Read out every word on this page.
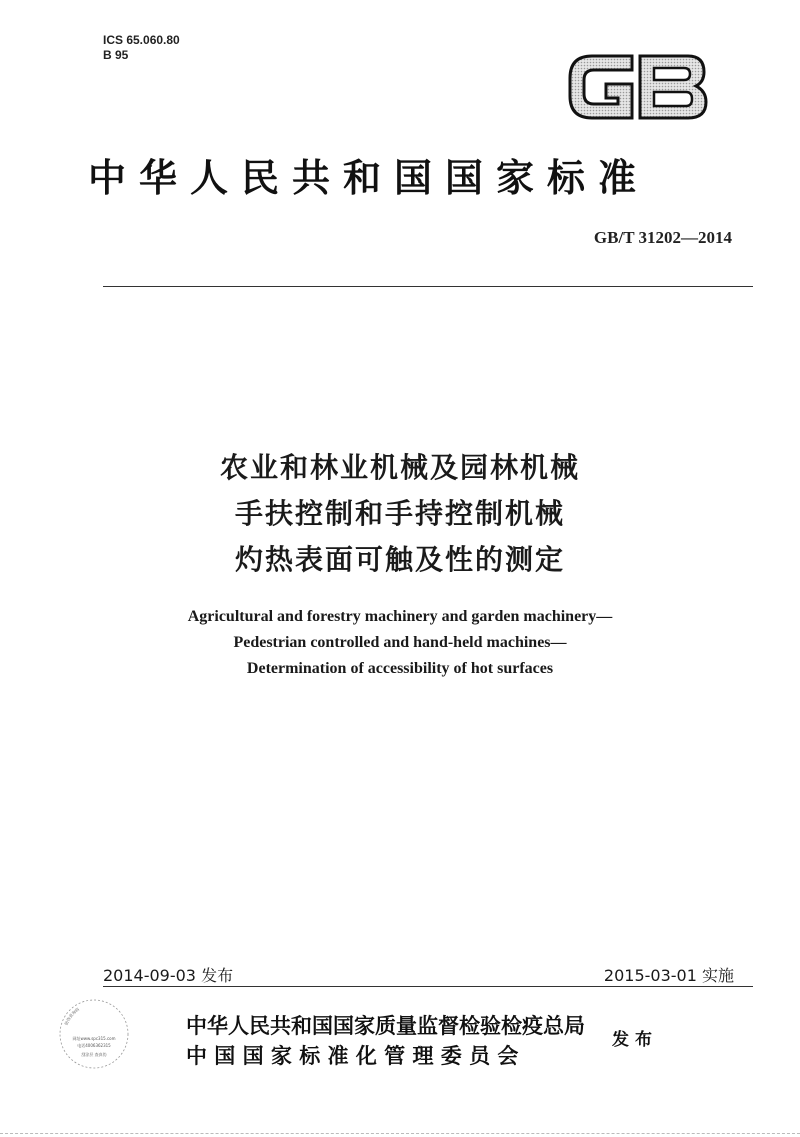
ICS 65.060.80
B 95
中华人民共和国国家标准
GB/T 31202—2014
农业和林业机械及园林机械
手扶控制和手持控制机械
灼热表面可触及性的测定
Agricultural and forestry machinery and garden machinery—
Pedestrian controlled and hand-held machines—
Determination of accessibility of hot surfaces
2014-09-03 发布	2015-03-01 实施
防伪查询码
网址www.spc315.com
电话4006362315
刮涂层 查真伪
中华人民共和国国家质量监督检验检疫总局
中 国 国 家 标 准 化 管 理 委 员 会
发布
